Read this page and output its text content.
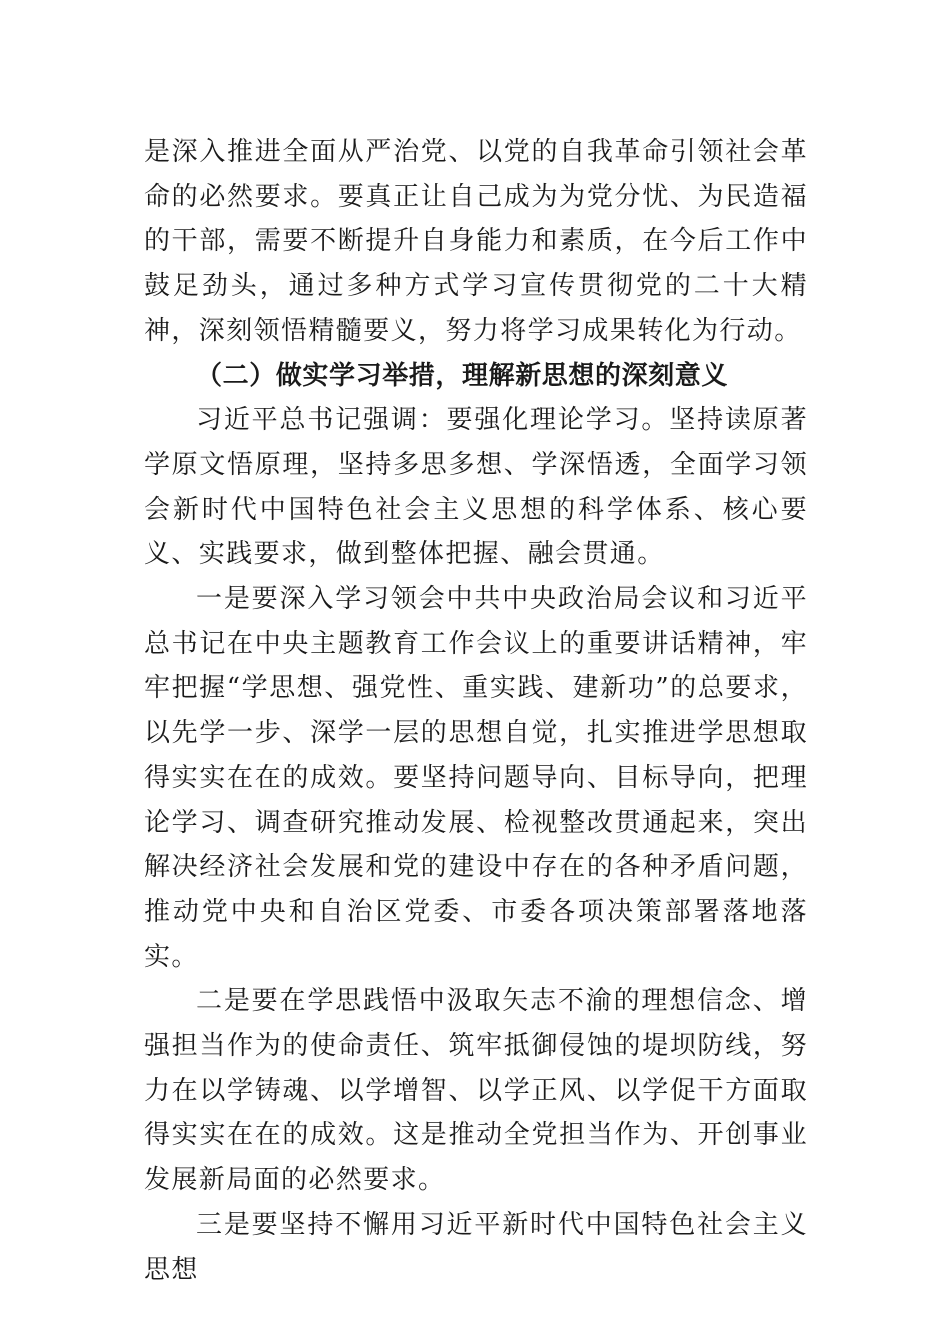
是深入推进全面从严治党、以党的自我革命引领社会革命的必然要求。要真正让自己成为为党分忧、为民造福的干部，需要不断提升自身能力和素质，在今后工作中鼓足劲头，通过多种方式学习宣传贯彻党的二十大精神，深刻领悟精髓要义，努力将学习成果转化为行动。

（二）做实学习举措，理解新思想的深刻意义

习近平总书记强调：要强化理论学习。坚持读原著学原文悟原理，坚持多思多想、学深悟透，全面学习领会新时代中国特色社会主义思想的科学体系、核心要义、实践要求，做到整体把握、融会贯通。

一是要深入学习领会中共中央政治局会议和习近平总书记在中央主题教育工作会议上的重要讲话精神，牢牢把握“学思想、强党性、重实践、建新功”的总要求，以先学一步、深学一层的思想自觉，扎实推进学思想取得实实在在的成效。要坚持问题导向、目标导向，把理论学习、调查研究推动发展、检视整改贯通起来，突出解决经济社会发展和党的建设中存在的各种矛盾问题，推动党中央和自治区党委、市委各项决策部署落地落实。

二是要在学思践悟中汲取矢志不渝的理想信念、增强担当作为的使命责任、筑牢抵御侵蚀的堤坝防线，努力在以学铸魂、以学增智、以学正风、以学促干方面取得实实在在的成效。这是推动全党担当作为、开创事业发展新局面的必然要求。

三是要坚持不懈用习近平新时代中国特色社会主义思想
